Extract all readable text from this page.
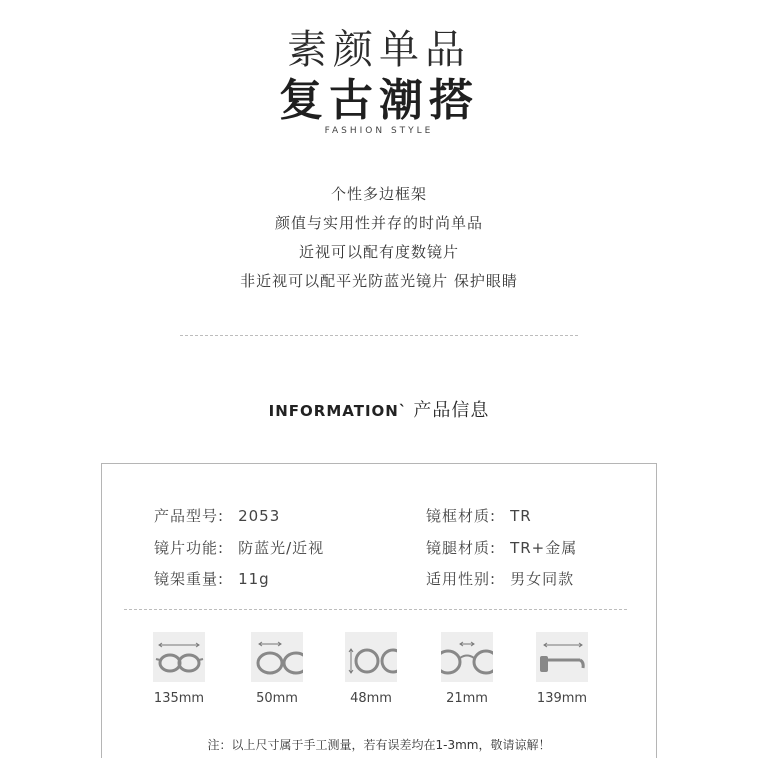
素颜单品
复古潮搭
FASHION STYLE
个性多边框架
颜值与实用性并存的时尚单品
近视可以配有度数镜片
非近视可以配平光防蓝光镜片 保护眼睛
INFORMATION` 产品信息
产品型号: 2053
镜片功能: 防蓝光/近视
镜架重量: 11g
镜框材质: TR
镜腿材质: TR+金属
适用性别: 男女同款
135mm	50mm	48mm	21mm	139mm
注：以上尺寸属于手工测量，若有误差均在1-3mm，敬请谅解！
